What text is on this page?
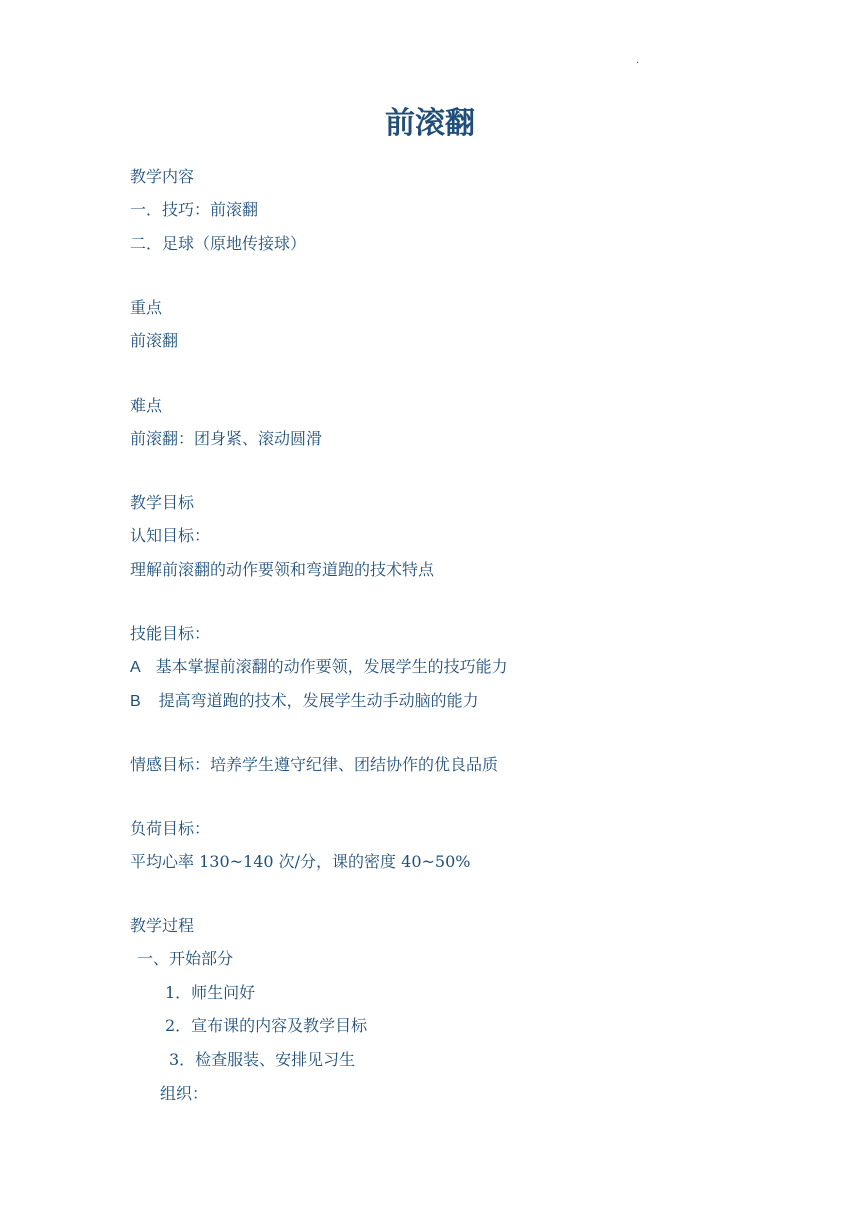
.
前滚翻
教学内容
一．技巧：前滚翻
二．足球（原地传接球）
重点
前滚翻
难点
前滚翻：团身紧、滚动圆滑
教学目标
认知目标：
理解前滚翻的动作要领和弯道跑的技术特点
技能目标：
A 基本掌握前滚翻的动作要领，发展学生的技巧能力
B 提高弯道跑的技术，发展学生动手动脑的能力
情感目标：培养学生遵守纪律、团结协作的优良品质
负荷目标：
平均心率 130~140 次/分，课的密度 40~50%
教学过程
一、开始部分
1．师生问好
2．宣布课的内容及教学目标
3．检查服装、安排见习生
组织：
